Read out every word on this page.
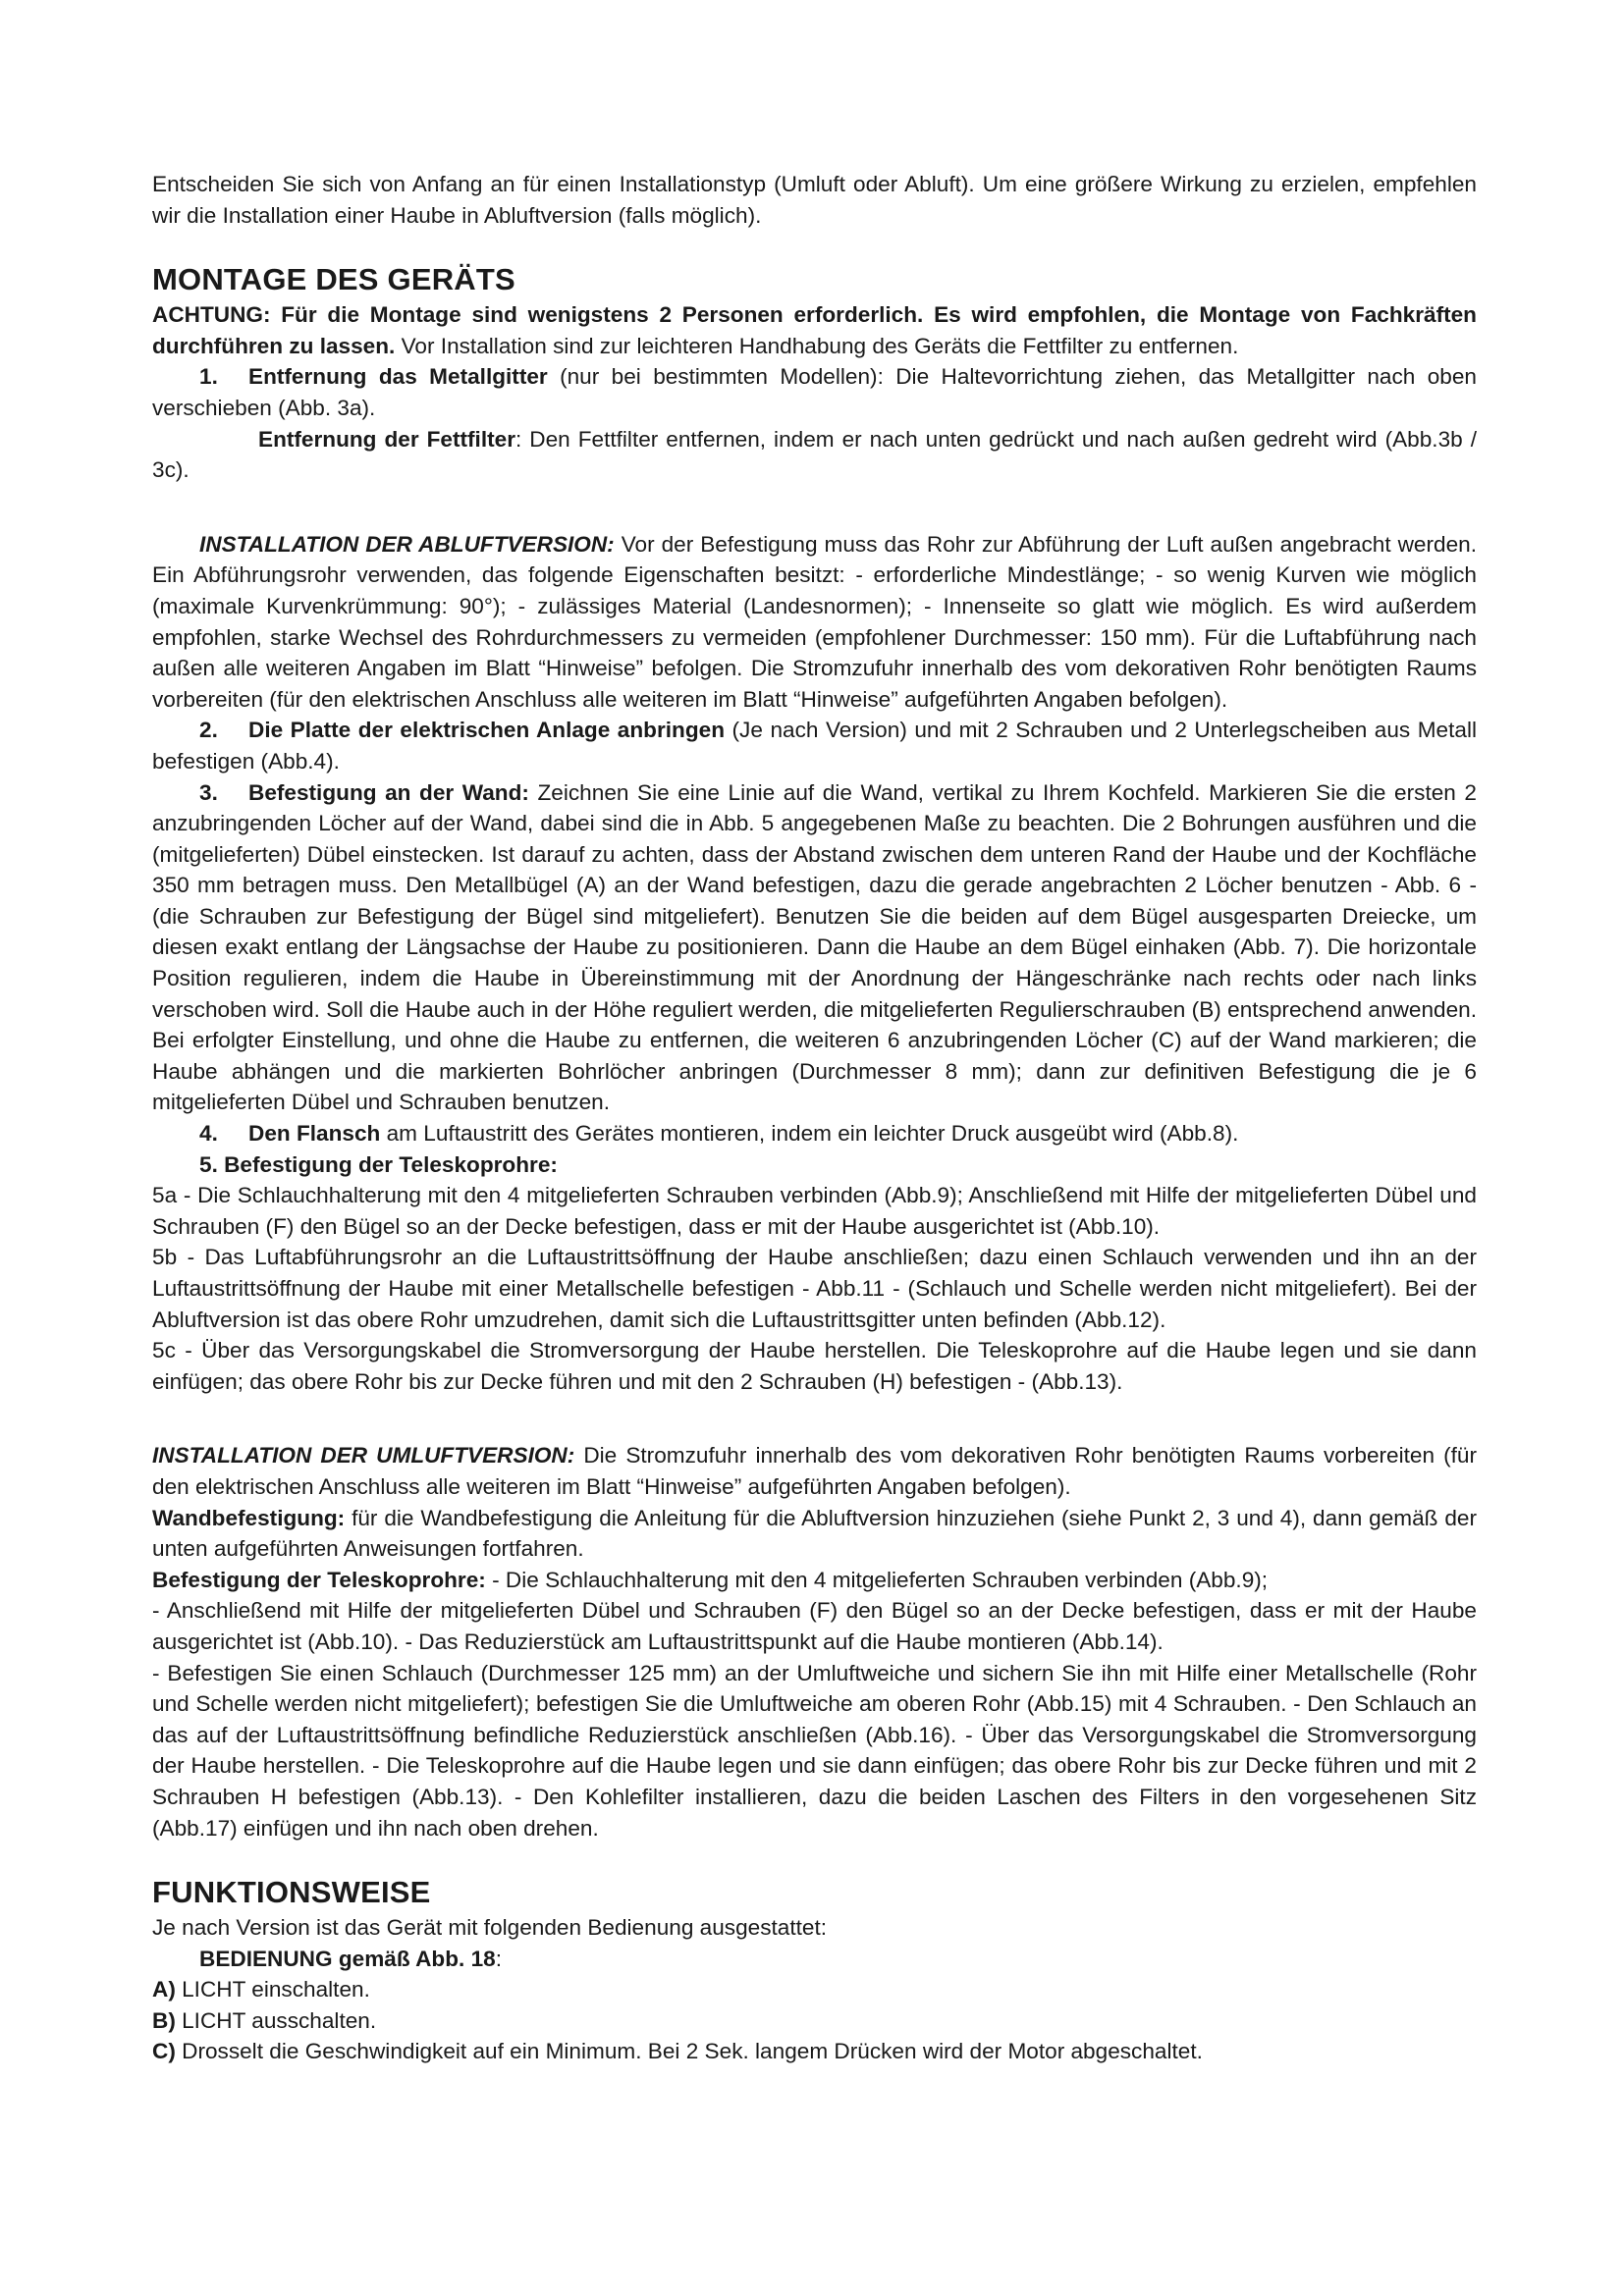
Entscheiden Sie sich von Anfang an für einen Installationstyp (Umluft oder Abluft). Um eine größere Wirkung zu erzielen, empfehlen wir die Installation einer Haube in Abluftversion (falls möglich).

MONTAGE DES GERÄTS

ACHTUNG: Für die Montage sind wenigstens 2 Personen erforderlich. Es wird empfohlen, die Montage von Fachkräften durchführen zu lassen. Vor Installation sind zur leichteren Handhabung des Geräts die Fettfilter zu entfernen.

1. Entfernung das Metallgitter (nur bei bestimmten Modellen): Die Haltevorrichtung ziehen, das Metallgitter nach oben verschieben (Abb. 3a).

Entfernung der Fettfilter: Den Fettfilter entfernen, indem er nach unten gedrückt und nach außen gedreht wird (Abb.3b / 3c).

INSTALLATION DER ABLUFTVERSION: Vor der Befestigung muss das Rohr zur Abführung der Luft außen angebracht werden. Ein Abführungsrohr verwenden, das folgende Eigenschaften besitzt: - erforderliche Mindestlänge; - so wenig Kurven wie möglich (maximale Kurvenkrümmung: 90°); - zulässiges Material (Landesnormen); - Innenseite so glatt wie möglich. Es wird außerdem empfohlen, starke Wechsel des Rohrdurchmessers zu vermeiden (empfohlener Durchmesser: 150 mm). Für die Luftabführung nach außen alle weiteren Angaben im Blatt “Hinweise” befolgen. Die Stromzufuhr innerhalb des vom dekorativen Rohr benötigten Raums vorbereiten (für den elektrischen Anschluss alle weiteren im Blatt “Hinweise” aufgeführten Angaben befolgen).

2. Die Platte der elektrischen Anlage anbringen (Je nach Version) und mit 2 Schrauben und 2 Unterlegscheiben aus Metall befestigen (Abb.4).

3. Befestigung an der Wand: Zeichnen Sie eine Linie auf die Wand, vertikal zu Ihrem Kochfeld. Markieren Sie die ersten 2 anzubringenden Löcher auf der Wand, dabei sind die in Abb. 5 angegebenen Maße zu beachten. Die 2 Bohrungen ausführen und die (mitgelieferten) Dübel einstecken. Ist darauf zu achten, dass der Abstand zwischen dem unteren Rand der Haube und der Kochfläche 350 mm betragen muss. Den Metallbügel (A) an der Wand befestigen, dazu die gerade angebrachten 2 Löcher benutzen - Abb. 6 - (die Schrauben zur Befestigung der Bügel sind mitgeliefert). Benutzen Sie die beiden auf dem Bügel ausgesparten Dreiecke, um diesen exakt entlang der Längsachse der Haube zu positionieren. Dann die Haube an dem Bügel einhaken (Abb. 7). Die horizontale Position regulieren, indem die Haube in Übereinstimmung mit der Anordnung der Hängeschränke nach rechts oder nach links verschoben wird. Soll die Haube auch in der Höhe reguliert werden, die mitgelieferten Regulierschrauben (B) entsprechend anwenden. Bei erfolgter Einstellung, und ohne die Haube zu entfernen, die weiteren 6 anzubringenden Löcher (C) auf der Wand markieren; die Haube abhängen und die markierten Bohrlöcher anbringen (Durchmesser 8 mm); dann zur definitiven Befestigung die je 6 mitgelieferten Dübel und Schrauben benutzen.

4. Den Flansch am Luftaustritt des Gerätes montieren, indem ein leichter Druck ausgeübt wird (Abb.8).

5. Befestigung der Teleskoprohre:

5a - Die Schlauchhalterung mit den 4 mitgelieferten Schrauben verbinden (Abb.9); Anschließend mit Hilfe der mitgelieferten Dübel und Schrauben (F) den Bügel so an der Decke befestigen, dass er mit der Haube ausgerichtet ist (Abb.10).

5b - Das Luftabführungsrohr an die Luftaustrittsöffnung der Haube anschließen; dazu einen Schlauch verwenden und ihn an der Luftaustrittsöffnung der Haube mit einer Metallschelle befestigen - Abb.11 - (Schlauch und Schelle werden nicht mitgeliefert). Bei der Abluftversion ist das obere Rohr umzudrehen, damit sich die Luftaustrittsgitter unten befinden (Abb.12).

5c - Über das Versorgungskabel die Stromversorgung der Haube herstellen. Die Teleskoprohre auf die Haube legen und sie dann einfügen; das obere Rohr bis zur Decke führen und mit den 2 Schrauben (H) befestigen - (Abb.13).

INSTALLATION DER UMLUFTVERSION: Die Stromzufuhr innerhalb des vom dekorativen Rohr benötigten Raums vorbereiten (für den elektrischen Anschluss alle weiteren im Blatt “Hinweise” aufgeführten Angaben befolgen).

Wandbefestigung: für die Wandbefestigung die Anleitung für die Abluftversion hinzuziehen (siehe Punkt 2, 3 und 4), dann gemäß der unten aufgeführten Anweisungen fortfahren.

Befestigung der Teleskoprohre: - Die Schlauchhalterung mit den 4 mitgelieferten Schrauben verbinden (Abb.9);

- Anschließend mit Hilfe der mitgelieferten Dübel und Schrauben (F) den Bügel so an der Decke befestigen, dass er mit der Haube ausgerichtet ist (Abb.10). - Das Reduzierstück am Luftaustrittspunkt auf die Haube montieren (Abb.14).

- Befestigen Sie einen Schlauch (Durchmesser 125 mm) an der Umluftweiche und sichern Sie ihn mit Hilfe einer Metallschelle (Rohr und Schelle werden nicht mitgeliefert); befestigen Sie die Umluftweiche am oberen Rohr (Abb.15) mit 4 Schrauben. - Den Schlauch an das auf der Luftaustrittsöffnung befindliche Reduzierstück anschließen (Abb.16). - Über das Versorgungskabel die Stromversorgung der Haube herstellen. - Die Teleskoprohre auf die Haube legen und sie dann einfügen; das obere Rohr bis zur Decke führen und mit 2 Schrauben H befestigen (Abb.13). - Den Kohlefilter installieren, dazu die beiden Laschen des Filters in den vorgesehenen Sitz (Abb.17) einfügen und ihn nach oben drehen.

FUNKTIONSWEISE

Je nach Version ist das Gerät mit folgenden Bedienung ausgestattet:

BEDIENUNG gemäß Abb. 18:

A) LICHT einschalten.

B) LICHT ausschalten.

C) Drosselt die Geschwindigkeit auf ein Minimum. Bei 2 Sek. langem Drücken wird der Motor abgeschaltet.
